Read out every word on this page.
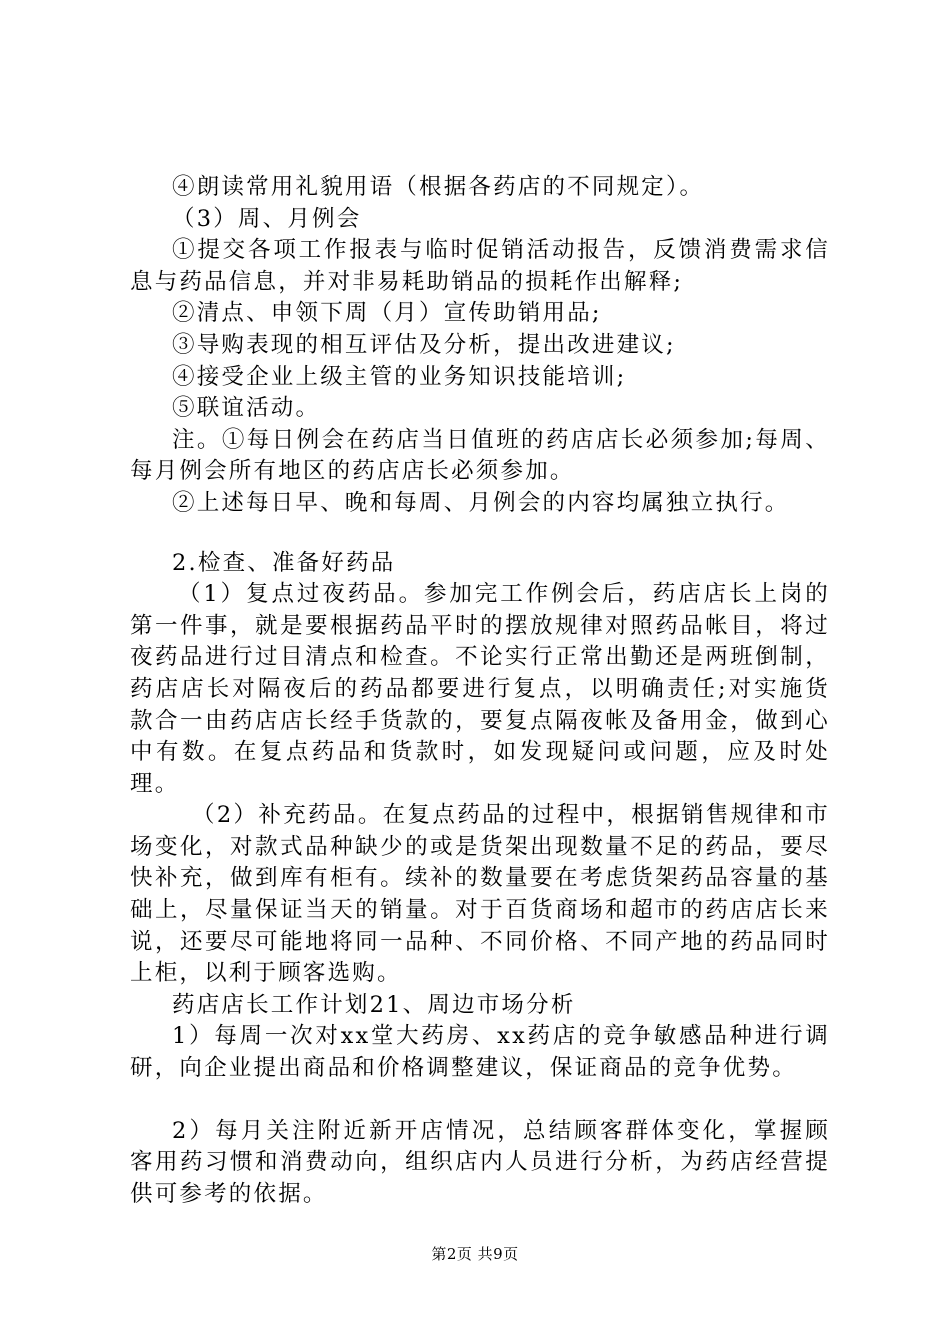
④朗读常用礼貌用语（根据各药店的不同规定）。

（3）周、月例会

①提交各项工作报表与临时促销活动报告，反馈消费需求信息与药品信息，并对非易耗助销品的损耗作出解释;

②清点、申领下周（月）宣传助销用品;

③导购表现的相互评估及分析，提出改进建议;

④接受企业上级主管的业务知识技能培训;

⑤联谊活动。

注。①每日例会在药店当日值班的药店店长必须参加;每周、每月例会所有地区的药店店长必须参加。

②上述每日早、晚和每周、月例会的内容均属独立执行。

2.检查、准备好药品

（1）复点过夜药品。参加完工作例会后，药店店长上岗的第一件事，就是要根据药品平时的摆放规律对照药品帐目，将过夜药品进行过目清点和检查。不论实行正常出勤还是两班倒制，药店店长对隔夜后的药品都要进行复点，以明确责任;对实施货款合一由药店店长经手货款的，要复点隔夜帐及备用金，做到心中有数。在复点药品和货款时，如发现疑问或问题，应及时处理。

（2）补充药品。在复点药品的过程中，根据销售规律和市场变化，对款式品种缺少的或是货架出现数量不足的药品，要尽快补充，做到库有柜有。续补的数量要在考虑货架药品容量的基础上，尽量保证当天的销量。对于百货商场和超市的药店店长来说，还要尽可能地将同一品种、不同价格、不同产地的药品同时上柜，以利于顾客选购。

药店店长工作计划21、周边市场分析

1）每周一次对xx堂大药房、xx药店的竞争敏感品种进行调研，向企业提出商品和价格调整建议，保证商品的竞争优势。

2）每月关注附近新开店情况，总结顾客群体变化，掌握顾客用药习惯和消费动向，组织店内人员进行分析，为药店经营提供可参考的依据。

第2页 共9页
